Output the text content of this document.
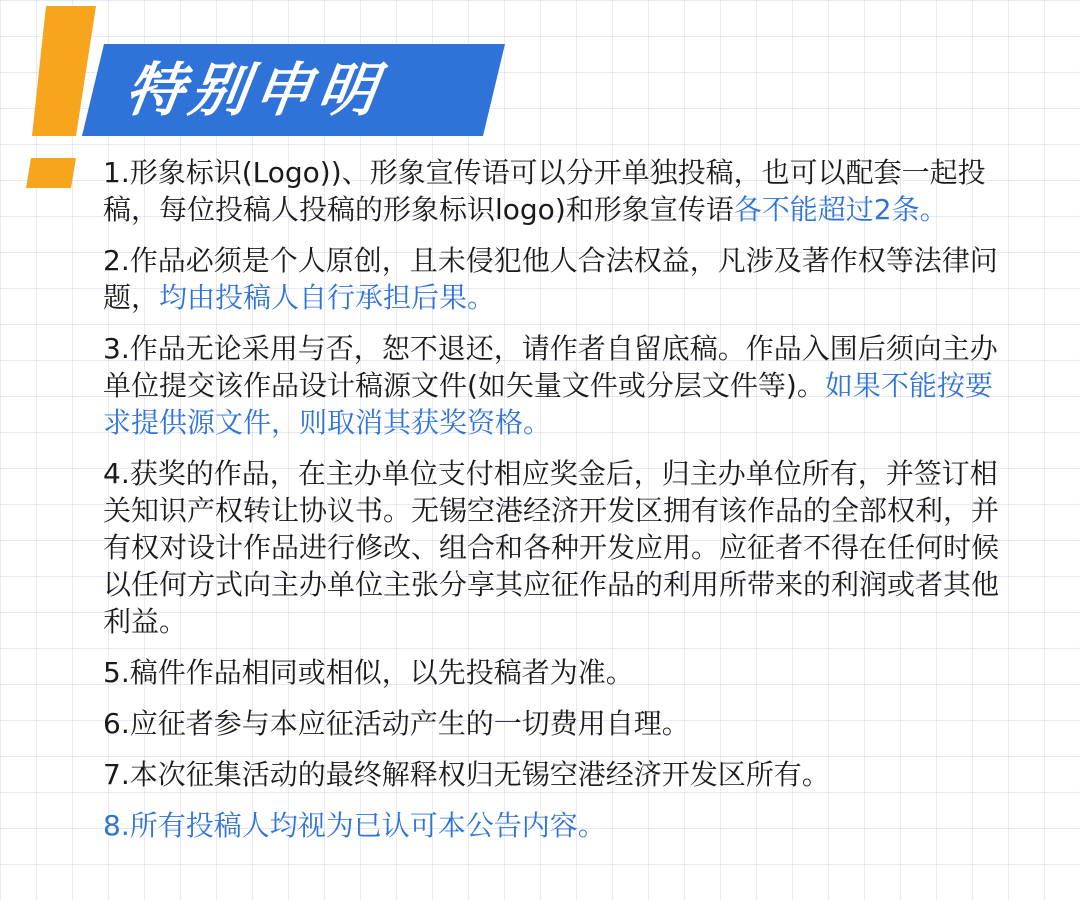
特别申明

1.形象标识(Logo))、形象宣传语可以分开单独投稿，也可以配套一起投稿，每位投稿人投稿的形象标识logo)和形象宣传语各不能超过2条。

2.作品必须是个人原创，且未侵犯他人合法权益，凡涉及著作权等法律问题，均由投稿人自行承担后果。

3.作品无论采用与否，恕不退还，请作者自留底稿。作品入围后须向主办单位提交该作品设计稿源文件(如矢量文件或分层文件等)。如果不能按要求提供源文件，则取消其获奖资格。

4.获奖的作品，在主办单位支付相应奖金后，归主办单位所有，并签订相关知识产权转让协议书。无锡空港经济开发区拥有该作品的全部权利，并有权对设计作品进行修改、组合和各种开发应用。应征者不得在任何时候以任何方式向主办单位主张分享其应征作品的利用所带来的利润或者其他利益。

5.稿件作品相同或相似，以先投稿者为准。

6.应征者参与本应征活动产生的一切费用自理。

7.本次征集活动的最终解释权归无锡空港经济开发区所有。

8.所有投稿人均视为已认可本公告内容。
